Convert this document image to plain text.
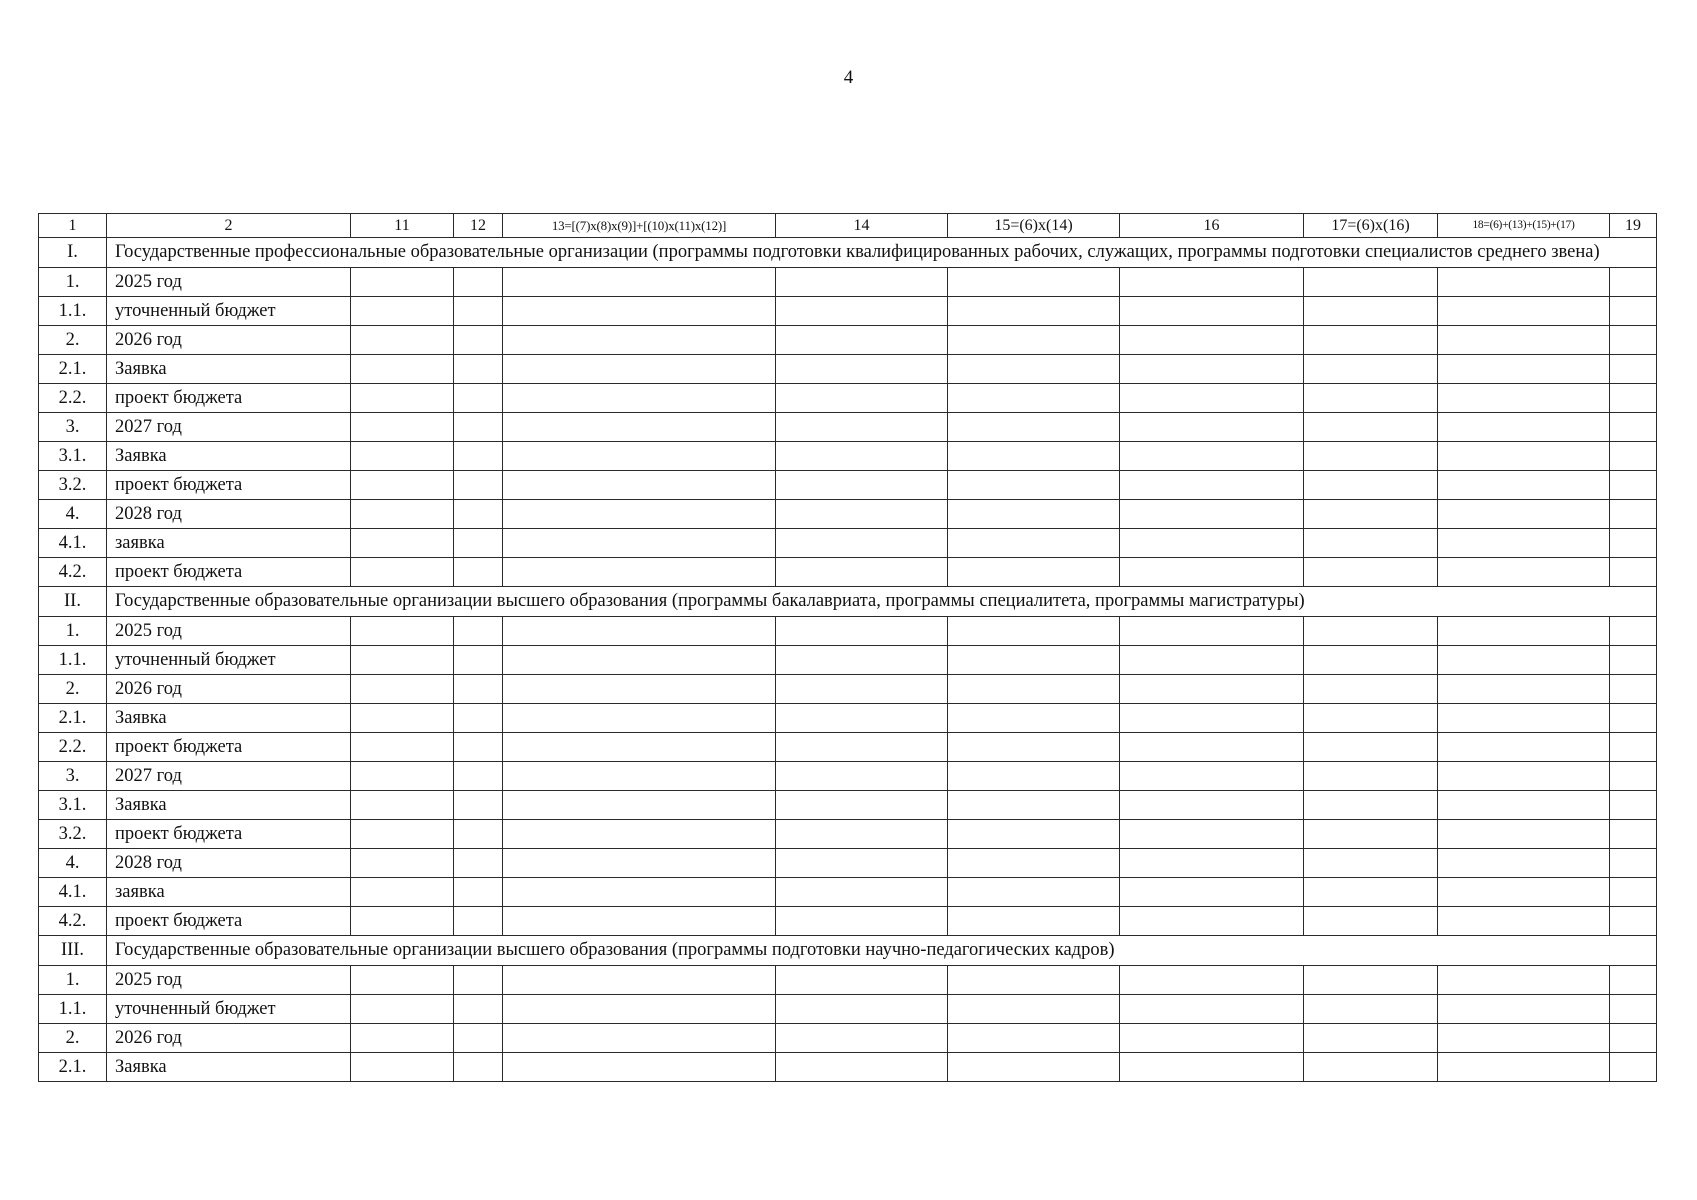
4
1	2	11	12	13=[(7)x(8)x(9)]+[(10)x(11)x(12)]	14	15=(6)x(14)	16	17=(6)x(16)	18=(6)+(13)+(15)+(17)	19
I.	Государственные профессиональные образовательные организации (программы подготовки квалифицированных рабочих, служащих, программы подготовки специалистов среднего звена)									
1.	2025 год									
1.1.	уточненный бюджет									
2.	2026 год									
2.1.	Заявка									
2.2.	проект бюджета									
3.	2027 год									
3.1.	Заявка									
3.2.	проект бюджета									
4.	2028 год									
4.1.	заявка									
4.2.	проект бюджета									
II.	Государственные образовательные организации высшего образования (программы бакалавриата, программы специалитета, программы магистратуры)									
1.	2025 год									
1.1.	уточненный бюджет									
2.	2026 год									
2.1.	Заявка									
2.2.	проект бюджета									
3.	2027 год									
3.1.	Заявка									
3.2.	проект бюджета									
4.	2028 год									
4.1.	заявка									
4.2.	проект бюджета									
III.	Государственные образовательные организации высшего образования (программы подготовки научно-педагогических кадров)									
1.	2025 год									
1.1.	уточненный бюджет									
2.	2026 год									
2.1.	Заявка									
